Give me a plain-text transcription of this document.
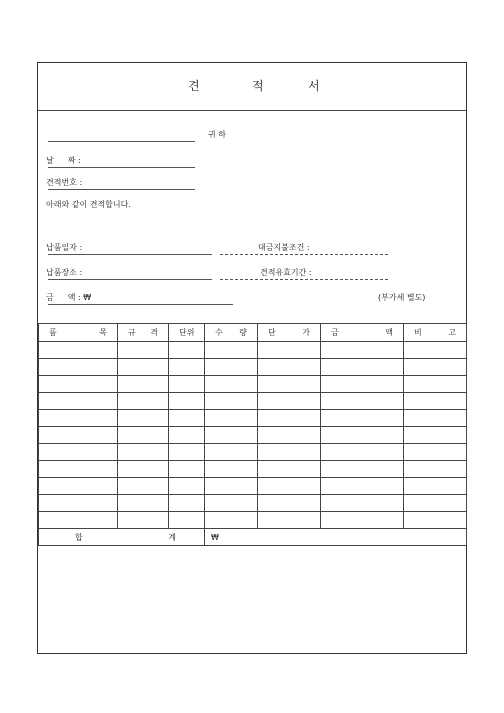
견	적	서
귀 하
날 짜 :
견적번호 :
아래와 같이 견적합니다.
납품일자 :	대금지불조건 :
납품장소 :	견적유효기간 :
금 액 : ₩	(부가세 별도)
품 목	규 격	단 위	수 량	단 가	금 액	비 고

합 계			₩			
